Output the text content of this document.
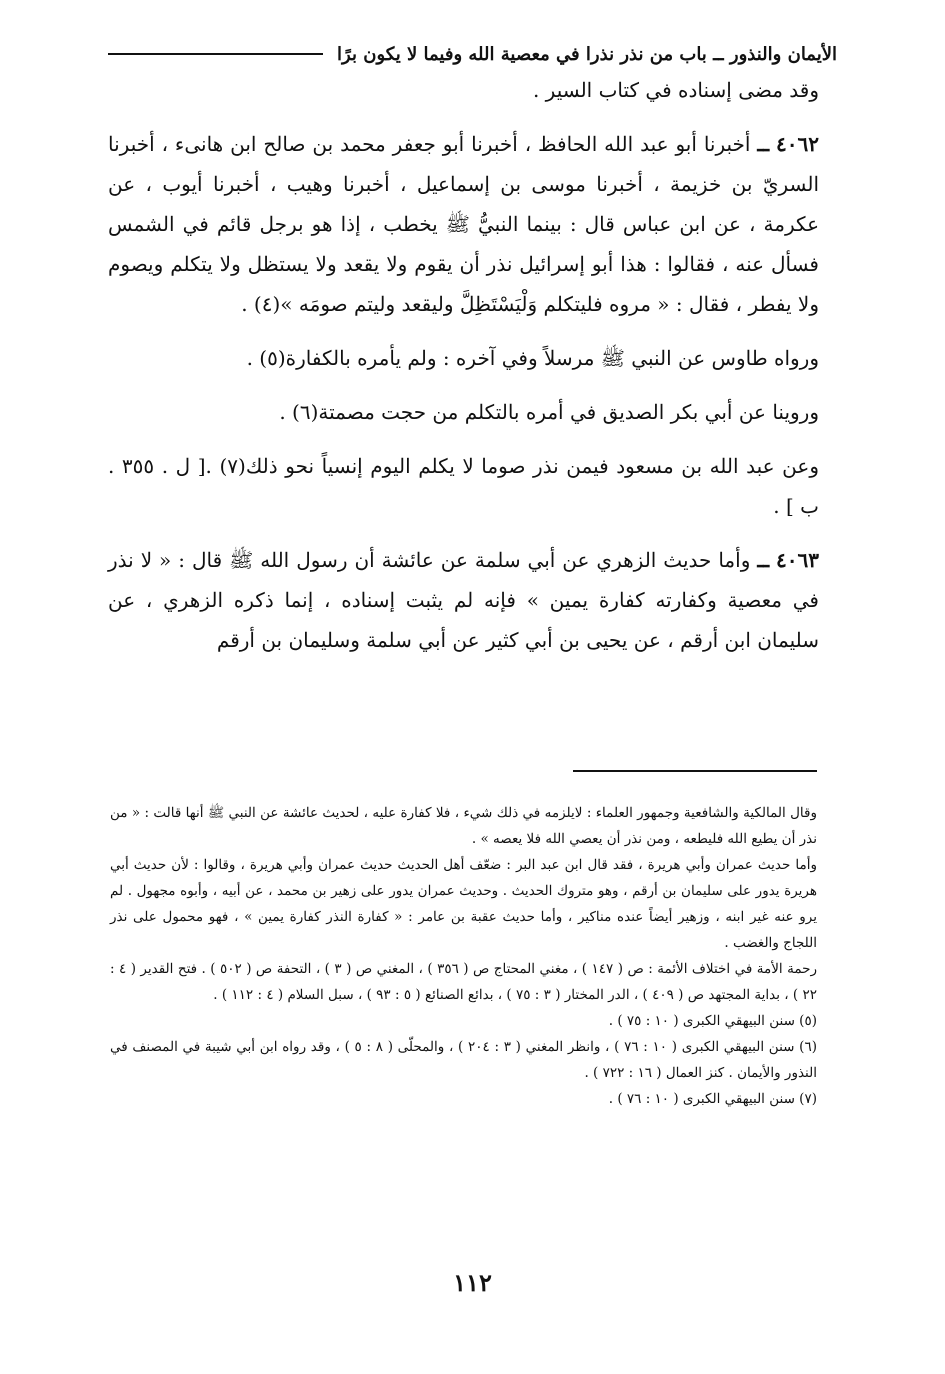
الأيمان والنذور ــ باب من نذر نذرا في معصية الله وفيما لا يكون برًا

وقد مضى إسناده في كتاب السير .

٤٠٦٢ ــ أخبرنا أبو عبد الله الحافظ ، أخبرنا أبو جعفر محمد بن صالح ابن هانىء ، أخبرنا السريّ بن خزيمة ، أخبرنا موسى بن إسماعيل ، أخبرنا وهيب ، أخبرنا أيوب ، عن عكرمة ، عن ابن عباس قال : بينما النبيُّ ﷺ يخطب ، إذا هو برجل قائم في الشمس فسأل عنه ، فقالوا : هذا أبو إسرائيل نذر أن يقوم ولا يقعد ولا يستظل ولا يتكلم ويصوم ولا يفطر ، فقال : « مروه فليتكلم وَلْيَسْتَظِلَّ وليقعد وليتم صومَه »(٤) .

ورواه طاوس عن النبي ﷺ مرسلاً وفي آخره : ولم يأمره بالكفارة(٥) .

وروينا عن أبي بكر الصديق في أمره بالتكلم من حجت مصمتة(٦) .

وعن عبد الله بن مسعود فيمن نذر صوما لا يكلم اليوم إنسياً نحو ذلك(٧) .[ ل . ٣٥٥ . ب ] .

٤٠٦٣ ــ وأما حديث الزهري عن أبي سلمة عن عائشة أن رسول الله ﷺ قال : « لا نذر في معصية وكفارته كفارة يمين » فإنه لم يثبت إسناده ، إنما ذكره الزهري ، عن سليمان ابن أرقم ، عن يحيى بن أبي كثير عن أبي سلمة وسليمان بن أرقم

وقال المالكية والشافعية وجمهور العلماء : لايلزمه في ذلك شيء ، فلا كفارة عليه ، لحديث عائشة عن النبي ﷺ أنها قالت : « من نذر أن يطيع الله فليطعه ، ومن نذر أن يعصي الله فلا يعصه » .

وأما حديث عمران وأبي هريرة ، فقد قال ابن عبد البر : ضعّف أهل الحديث حديث عمران وأبي هريرة ، وقالوا : لأن حديث أبي هريرة يدور على سليمان بن أرقم ، وهو متروك الحديث . وحديث عمران يدور على زهير بن محمد ، عن أبيه ، وأبوه مجهول . لم يرو عنه غير ابنه ، وزهير أيضاً عنده مناكير ، وأما حديث عقبة بن عامر : « كفارة النذر كفارة يمين » ، فهو محمول على نذر اللجاج والغضب .

رحمة الأمة في اختلاف الأئمة : ص ( ١٤٧ ) ، مغني المحتاج ص ( ٣٥٦ ) ، المغني ص ( ٣ ) ، التحفة ص ( ٥٠٢ ) . فتح القدير ( ٤ : ٢٢ ) ، بداية المجتهد ص ( ٤٠٩ ) ، الدر المختار ( ٣ : ٧٥ ) ، بدائع الصنائع ( ٥ : ٩٣ ) ، سبل السلام ( ٤ : ١١٢ ) .

(٥) سنن البيهقي الكبرى ( ١٠ : ٧٥ ) .

(٦) سنن البيهقي الكبرى ( ١٠ : ٧٦ ) ، وانظر المغني ( ٣ : ٢٠٤ ) ، والمحلّى ( ٨ : ٥ ) ، وقد رواه ابن أبي شيبة في المصنف في النذور والأيمان . كنز العمال ( ١٦ : ٧٢٢ ) .

(٧) سنن البيهقي الكبرى ( ١٠ : ٧٦ ) .

١١٢
